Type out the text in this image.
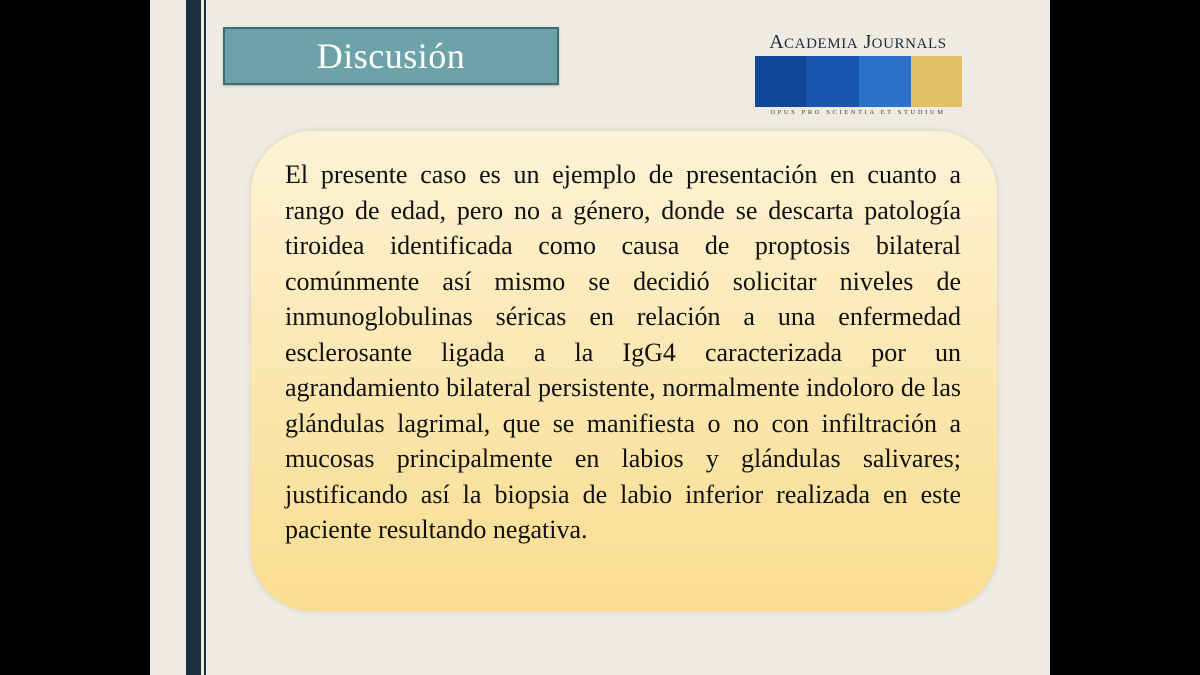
Discusión	ACADEMIA JOURNALS
OPUS PRO SCIENTIA ET STUDIUM

El presente caso es un ejemplo de presentación en cuanto a rango de edad, pero no a género, donde se descarta patología tiroidea identificada como causa de proptosis bilateral comúnmente así mismo se decidió solicitar niveles de inmunoglobulinas séricas en relación a una enfermedad esclerosante ligada a la IgG4 caracterizada por un agrandamiento bilateral persistente, normalmente indoloro de las glándulas lagrimal, que se manifiesta o no con infiltración a mucosas principalmente en labios y glándulas salivares; justificando así la biopsia de labio inferior realizada en este paciente resultando negativa.
